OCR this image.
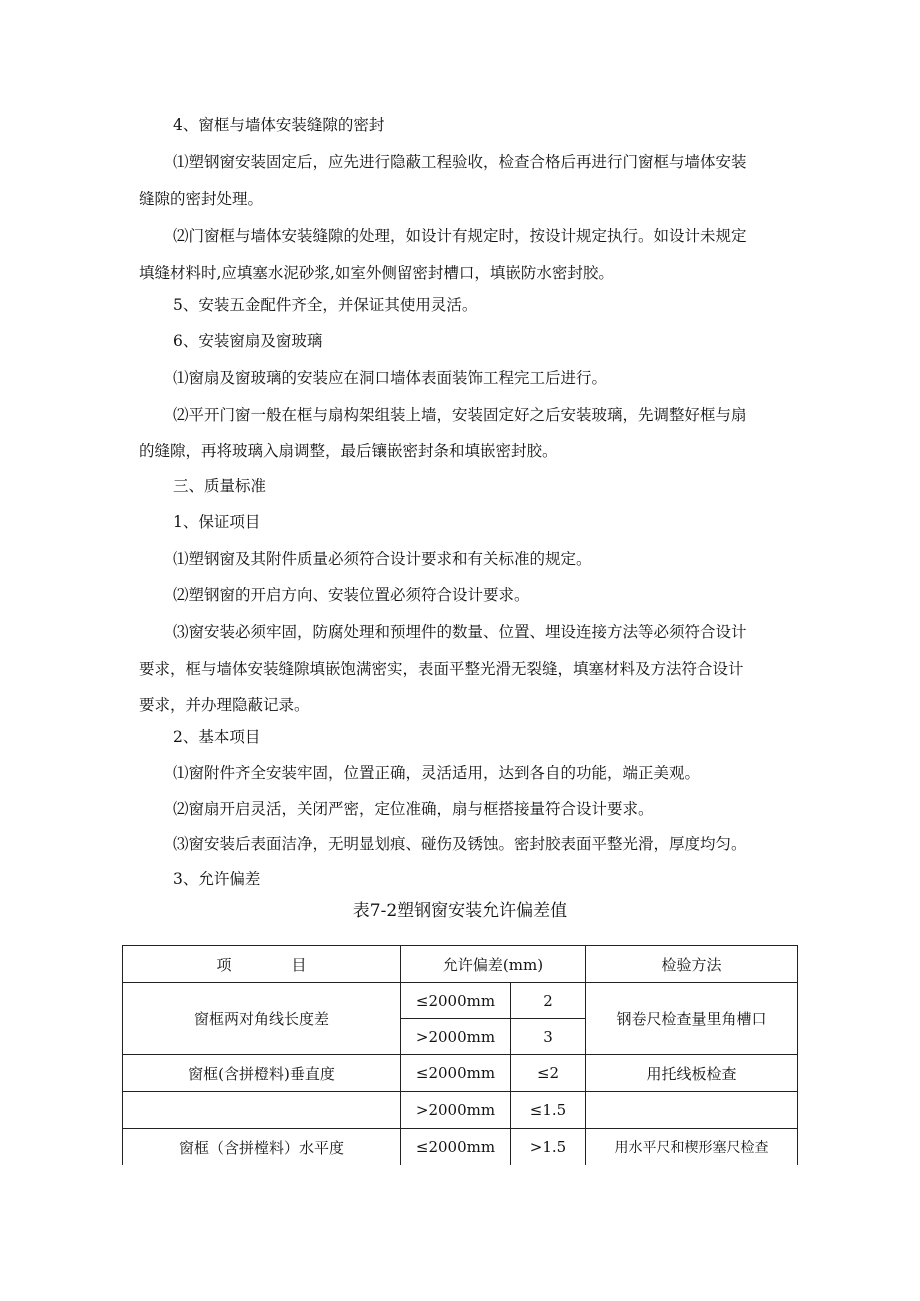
4、窗框与墙体安装缝隙的密封

⑴塑钢窗安装固定后，应先进行隐蔽工程验收，检查合格后再进行门窗框与墙体安装

缝隙的密封处理。

⑵门窗框与墙体安装缝隙的处理，如设计有规定时，按设计规定执行。如设计未规定

填缝材料时,应填塞水泥砂浆,如室外侧留密封槽口，填嵌防水密封胶。

5、安装五金配件齐全，并保证其使用灵活。

6、安装窗扇及窗玻璃

⑴窗扇及窗玻璃的安装应在洞口墙体表面装饰工程完工后进行。

⑵平开门窗一般在框与扇构架组装上墙，安装固定好之后安装玻璃，先调整好框与扇

的缝隙，再将玻璃入扇调整，最后镶嵌密封条和填嵌密封胶。

三、质量标准

1、保证项目

⑴塑钢窗及其附件质量必须符合设计要求和有关标准的规定。

⑵塑钢窗的开启方向、安装位置必须符合设计要求。

⑶窗安装必须牢固，防腐处理和预埋件的数量、位置、埋设连接方法等必须符合设计

要求，框与墙体安装缝隙填嵌饱满密实，表面平整光滑无裂缝，填塞材料及方法符合设计

要求，并办理隐蔽记录。

2、基本项目

⑴窗附件齐全安装牢固，位置正确，灵活适用，达到各自的功能，端正美观。

⑵窗扇开启灵活，关闭严密，定位准确，扇与框搭接量符合设计要求。

⑶窗安装后表面洁净，无明显划痕、碰伤及锈蚀。密封胶表面平整光滑，厚度均匀。

3、允许偏差

表7-2塑钢窗安装允许偏差值
项 目	允许偏差(mm)		检验方法
窗框两对角线长度差	≤2000mm	2	钢卷尺检查量里角槽口
	>2000mm	3	
窗框(含拼橙料)垂直度	≤2000mm	≤2	用托线板检查
	>2000mm	≤1.5	
窗框（含拼樘料）水平度	≤2000mm	>1.5	用水平尺和楔形塞尺检查
